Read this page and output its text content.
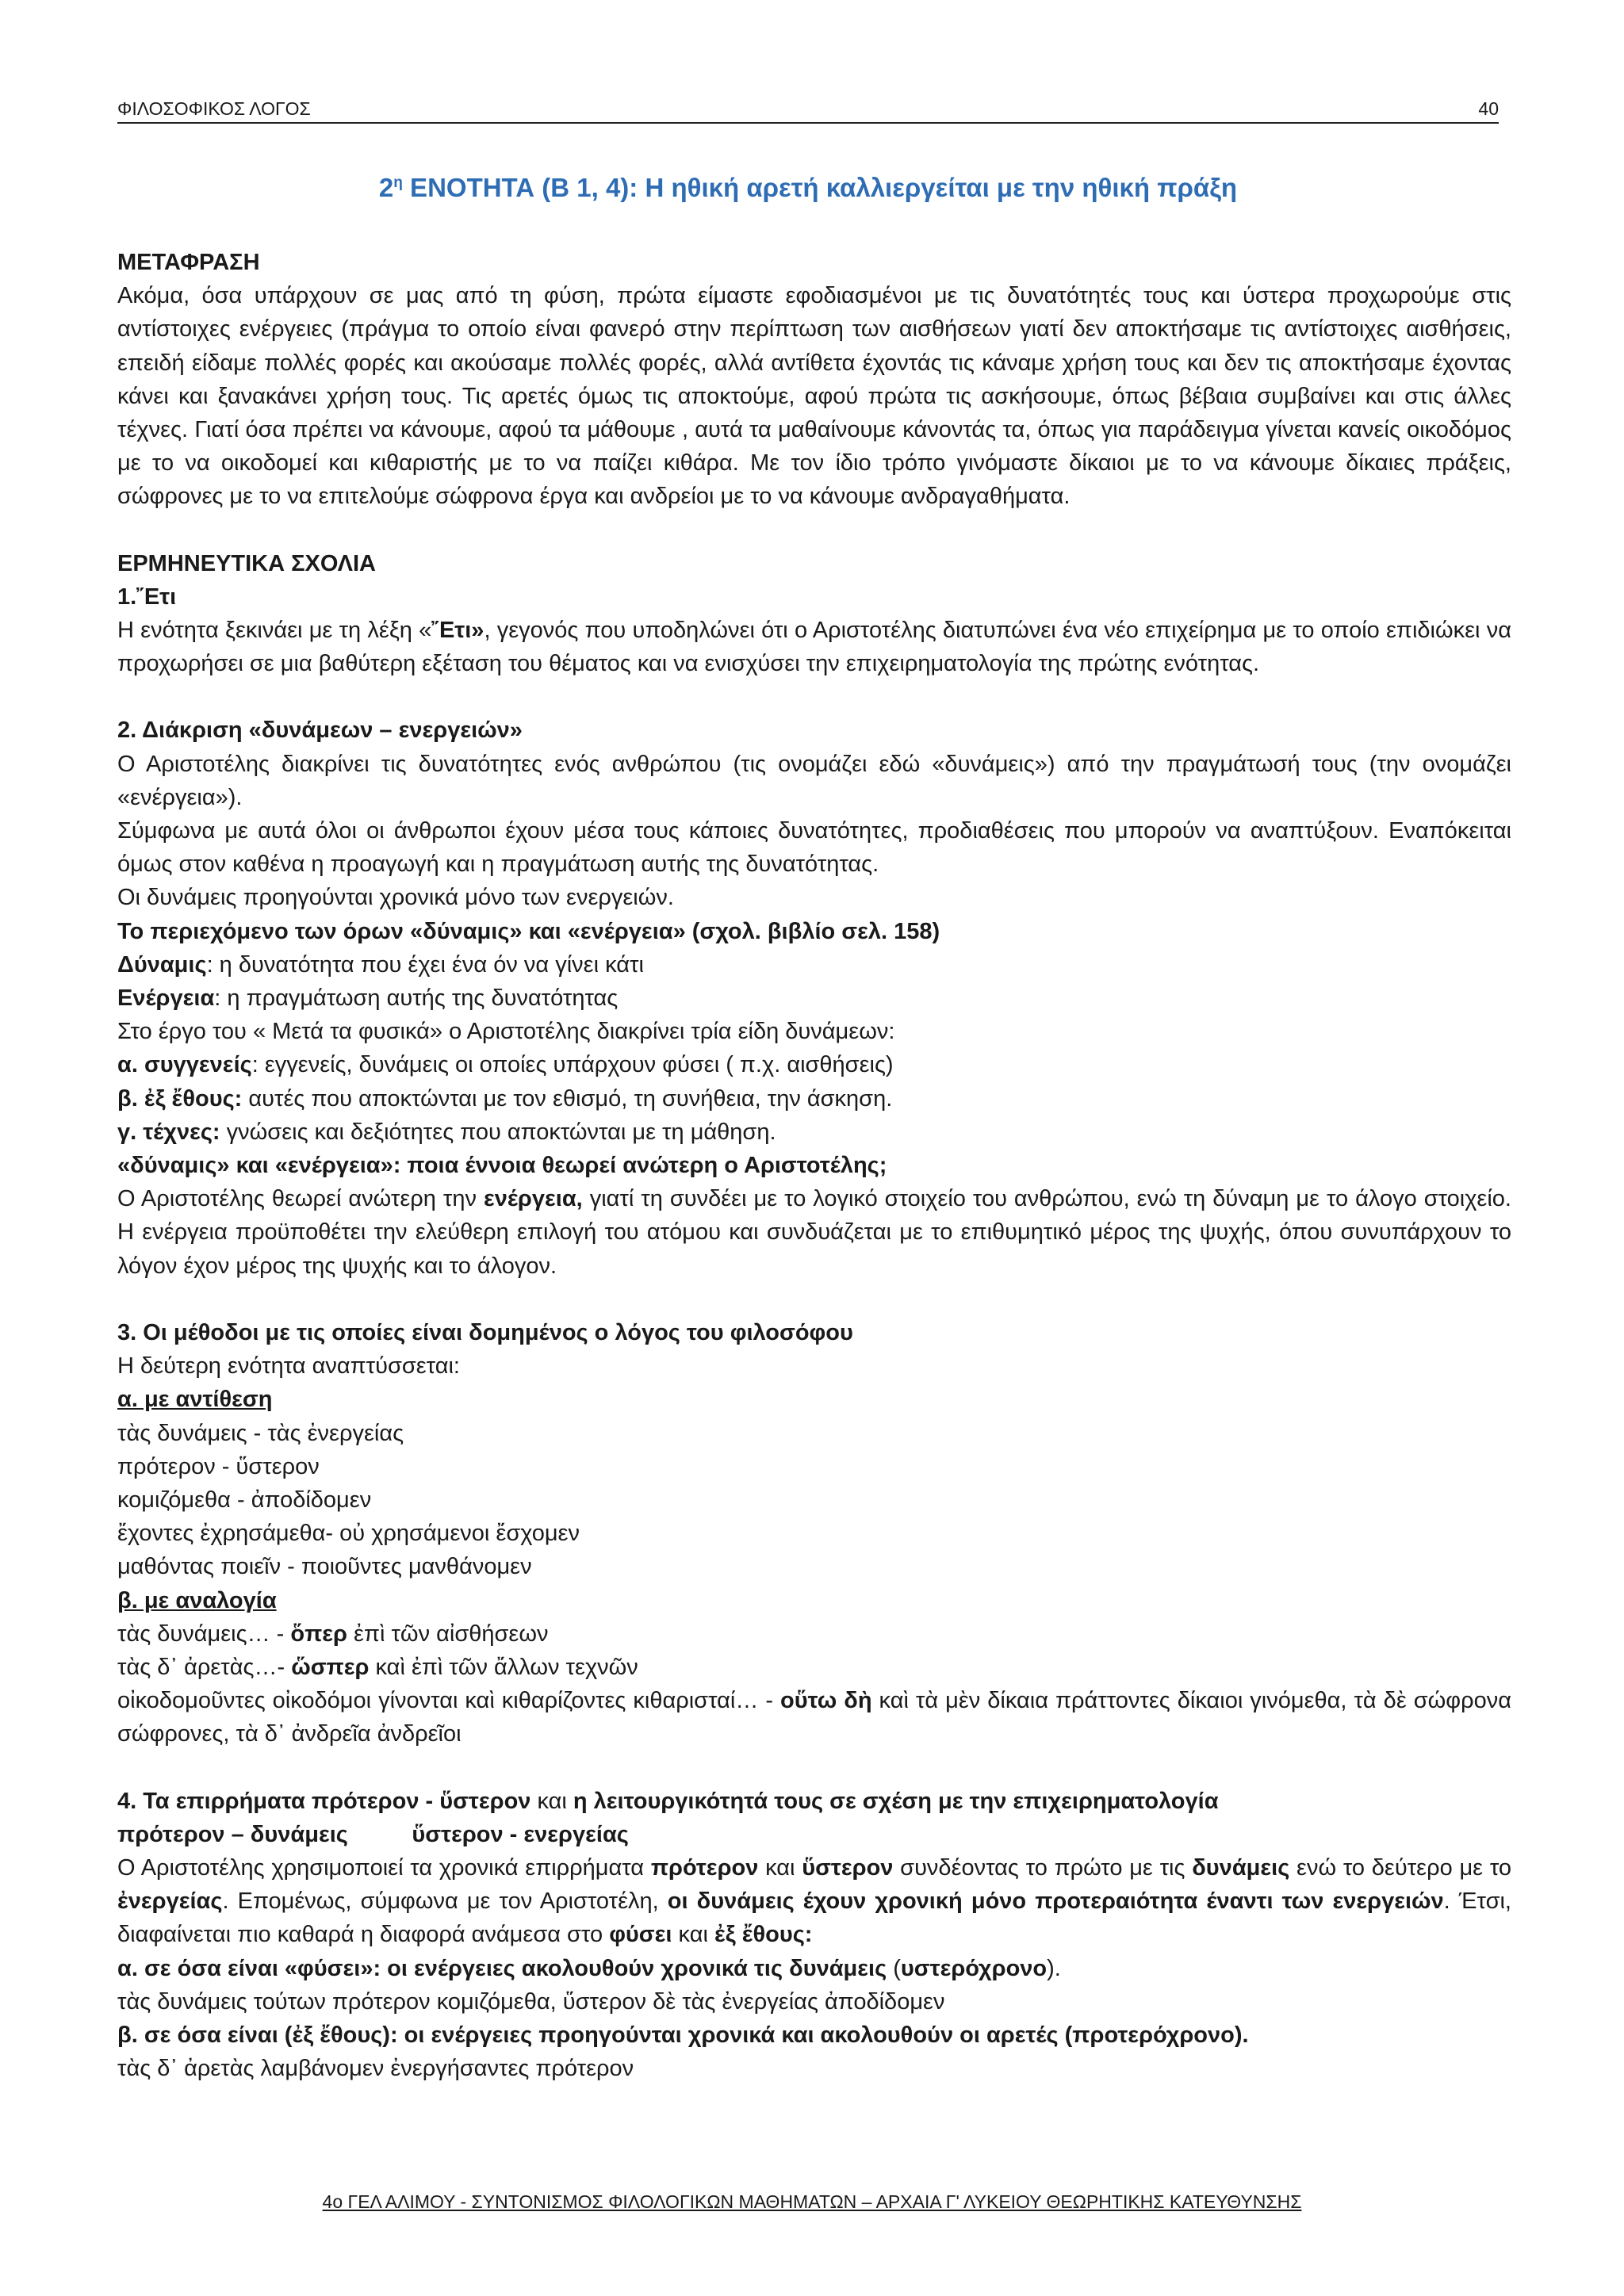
ΦΙΛΟΣΟΦΙΚΟΣ ΛΟΓΟΣ	40
$2^\eta$ ΕΝΟΤΗΤΑ (Β 1, 4): Η ηθική αρετή καλλιεργείται με την ηθική πράξη

ΜΕΤΑΦΡΑΣΗ

Ακόμα, όσα υπάρχουν σε μας από τη φύση, πρώτα είμαστε εφοδιασμένοι με τις δυνατότητές τους και ύστερα προχωρούμε στις αντίστοιχες ενέργειες (πράγμα το οποίο είναι φανερό στην περίπτωση των αισθήσεων γιατί δεν αποκτήσαμε τις αντίστοιχες αισθήσεις, επειδή είδαμε πολλές φορές και ακούσαμε πολλές φορές, αλλά αντίθετα έχοντάς τις κάναμε χρήση τους και δεν τις αποκτήσαμε έχοντας κάνει και ξανακάνει χρήση τους. Τις αρετές όμως τις αποκτούμε, αφού πρώτα τις ασκήσουμε, όπως βέβαια συμβαίνει και στις άλλες τέχνες. Γιατί όσα πρέπει να κάνουμε, αφού τα μάθουμε , αυτά τα μαθαίνουμε κάνοντάς τα, όπως για παράδειγμα γίνεται κανείς οικοδόμος με το να οικοδομεί και κιθαριστής με το να παίζει κιθάρα. Με τον ίδιο τρόπο γινόμαστε δίκαιοι με το να κάνουμε δίκαιες πράξεις, σώφρονες με το να επιτελούμε σώφρονα έργα και ανδρείοι με το να κάνουμε ανδραγαθήματα.

ΕΡΜΗΝΕΥΤΙΚΑ ΣΧΟΛΙΑ

1.῎Ετι

Η ενότητα ξεκινάει με τη λέξη «῎Ετι», γεγονός που υποδηλώνει ότι ο Αριστοτέλης διατυπώνει ένα νέο επιχείρημα με το οποίο επιδιώκει να προχωρήσει σε μια βαθύτερη εξέταση του θέματος και να ενισχύσει την επιχειρηματολογία της πρώτης ενότητας.

2. Διάκριση «δυνάμεων – ενεργειών»

Ο Αριστοτέλης διακρίνει τις δυνατότητες ενός ανθρώπου (τις ονομάζει εδώ «δυνάμεις») από την πραγμάτωσή τους (την ονομάζει «ενέργεια»).

Σύμφωνα με αυτά όλοι οι άνθρωποι έχουν μέσα τους κάποιες δυνατότητες, προδιαθέσεις που μπορούν να αναπτύξουν. Εναπόκειται όμως στον καθένα η προαγωγή και η πραγμάτωση αυτής της δυνατότητας.

Οι δυνάμεις προηγούνται χρονικά μόνο των ενεργειών.

Το περιεχόμενο των όρων «δύναμις» και «ενέργεια» (σχολ. βιβλίο σελ. 158)

Δύναμις: η δυνατότητα που έχει ένα όν να γίνει κάτι

Ενέργεια: η πραγμάτωση αυτής της δυνατότητας

Στο έργο του « Μετά τα φυσικά» ο Αριστοτέλης διακρίνει τρία είδη δυνάμεων:

α. συγγενείς: εγγενείς, δυνάμεις οι οποίες υπάρχουν φύσει ( π.χ. αισθήσεις)

β. ἐξ ἔθους: αυτές που αποκτώνται με τον εθισμό, τη συνήθεια, την άσκηση.

γ. τέχνες: γνώσεις και δεξιότητες που αποκτώνται με τη μάθηση.

«δύναμις» και «ενέργεια»: ποια έννοια θεωρεί ανώτερη ο Αριστοτέλης;

Ο Αριστοτέλης θεωρεί ανώτερη την ενέργεια, γιατί τη συνδέει με το λογικό στοιχείο του ανθρώπου, ενώ τη δύναμη με το άλογο στοιχείο. Η ενέργεια προϋποθέτει την ελεύθερη επιλογή του ατόμου και συνδυάζεται με το επιθυμητικό μέρος της ψυχής, όπου συνυπάρχουν το λόγον έχον μέρος της ψυχής και το άλογον.

3. Οι μέθοδοι με τις οποίες είναι δομημένος ο λόγος του φιλοσόφου

Η δεύτερη ενότητα αναπτύσσεται:

α. με αντίθεση

τὰς δυνάμεις - τὰς ἐνεργείας

πρότερον - ὕστερον

κομιζόμεθα - ἀποδίδομεν

ἔχοντες ἐχρησάμεθα- οὐ χρησάμενοι ἔσχομεν

μαθόντας ποιεῖν - ποιοῦντες μανθάνομεν

β. με αναλογία

τὰς δυνάμεις… - ὅπερ ἐπὶ τῶν αἰσθήσεων

τὰς δ᾽ ἀρετὰς…- ὥσπερ καὶ ἐπὶ τῶν ἄλλων τεχνῶν

οἰκοδομοῦντες οἰκοδόμοι γίνονται καὶ κιθαρίζοντες κιθαρισταί… - οὕτω δὴ καὶ τὰ μὲν δίκαια πράττοντες δίκαιοι γινόμεθα, τὰ δὲ σώφρονα σώφρονες, τὰ δ᾽ ἀνδρεῖα ἀνδρεῖοι

4. Τα επιρρήματα πρότερον - ὕστερον και η λειτουργικότητά τους σε σχέση με την επιχειρηματολογία

πρότερον – δυνάμεις          ὕστερον - ενεργείας

Ο Αριστοτέλης χρησιμοποιεί τα χρονικά επιρρήματα πρότερον και ὕστερον συνδέοντας το πρώτο με τις δυνάμεις ενώ το δεύτερο με το ἐνεργείας. Επομένως, σύμφωνα με τον Αριστοτέλη, οι δυνάμεις έχουν χρονική μόνο προτεραιότητα έναντι των ενεργειών. Έτσι, διαφαίνεται πιο καθαρά η διαφορά ανάμεσα στο φύσει και ἐξ ἔθους:

α. σε όσα είναι «φύσει»: οι ενέργειες ακολουθούν χρονικά τις δυνάμεις (υστερόχρονο).

τὰς δυνάμεις τούτων πρότερον κομιζόμεθα, ὕστερον δὲ τὰς ἐνεργείας ἀποδίδομεν

β. σε όσα είναι (ἐξ ἔθους): οι ενέργειες προηγούνται χρονικά και ακολουθούν οι αρετές (προτερόχρονο).

τὰς δ᾽ ἀρετὰς λαμβάνομεν ἐνεργήσαντες πρότερον

4ο ΓΕΛ ΑΛΙΜΟΥ - ΣΥΝΤΟΝΙΣΜΟΣ ΦΙΛΟΛΟΓΙΚΩΝ ΜΑΘΗΜΑΤΩΝ – ΑΡΧΑΙΑ Γ' ΛΥΚΕΙΟΥ ΘΕΩΡΗΤΙΚΗΣ ΚΑΤΕΥΘΥΝΣΗΣ
